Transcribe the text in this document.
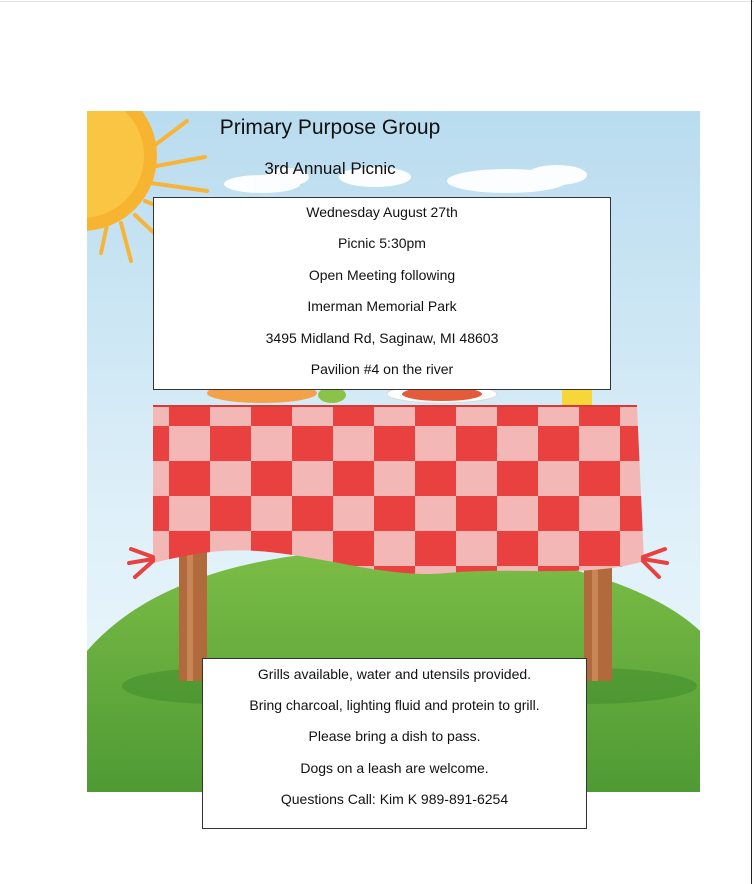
Primary Purpose Group
3rd Annual Picnic
Wednesday August 27th
Picnic 5:30pm
Open Meeting following
Imerman Memorial Park
3495 Midland Rd, Saginaw, MI 48603
Pavilion #4 on the river
Grills available, water and utensils provided.
Bring charcoal, lighting fluid and protein to grill.
Please bring a dish to pass.
Dogs on a leash are welcome.
Questions Call: Kim K 989-891-6254
